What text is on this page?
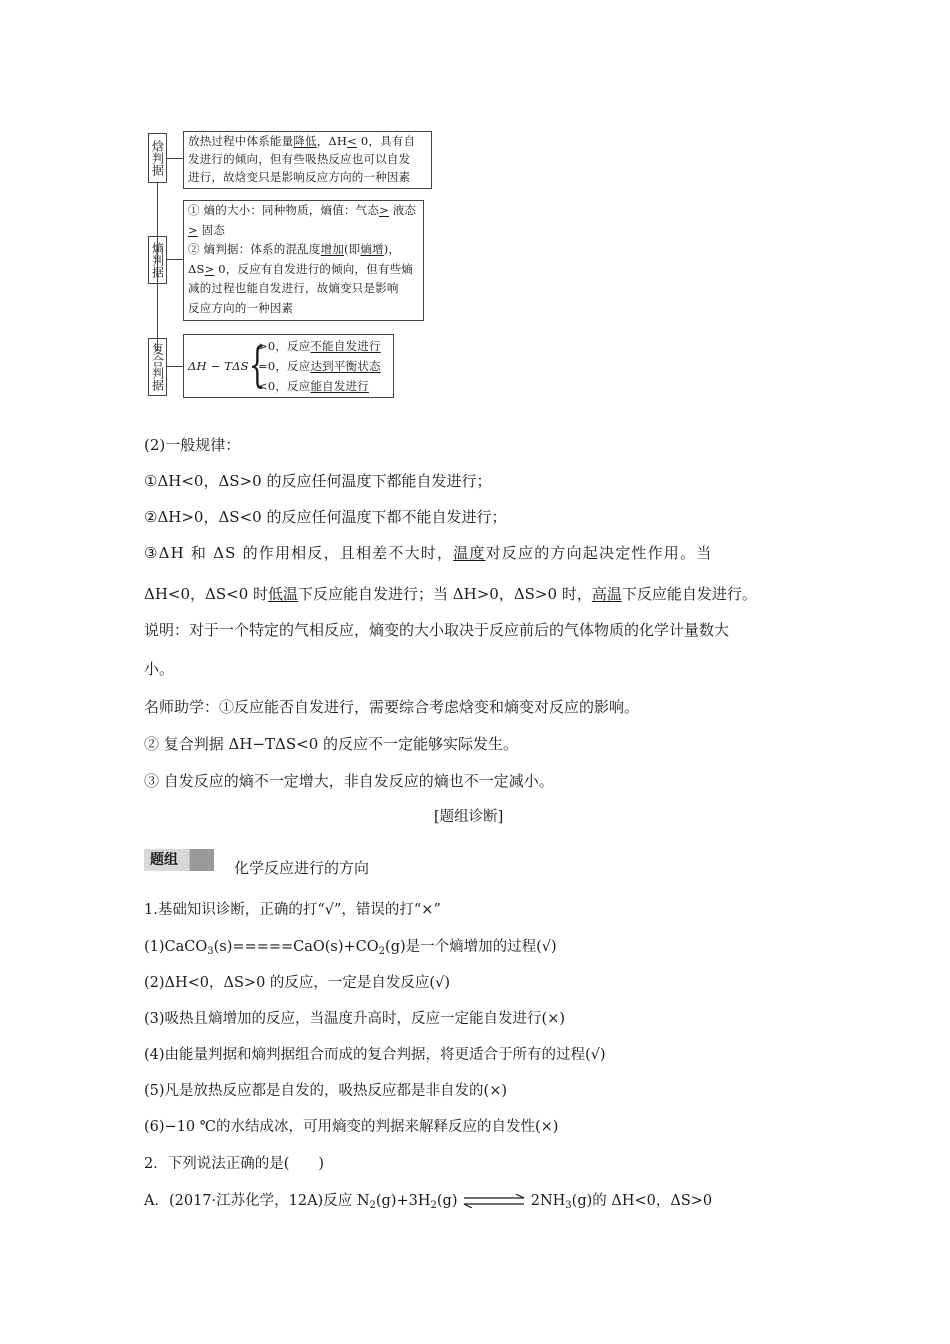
焓判据 放热过程中体系能量降低，ΔH< 0，具有自
发进行的倾向，但有些吸热反应也可以自发
进行，故焓变只是影响反应方向的一种因素
熵判据
① 熵的大小：同种物质，熵值：气态> 液态
> 固态
② 熵判据：体系的混乱度增加(即熵增)，
ΔS> 0，反应有自发进行的倾向，但有些熵
减的过程也能自发进行，故熵变只是影响
反应方向的一种因素
复合判据 ΔH − TΔS {
>0，反应不能自发进行
=0，反应达到平衡状态
<0，反应能自发进行
(2)一般规律：
①ΔH<0，ΔS>0 的反应任何温度下都能自发进行；
②ΔH>0，ΔS<0 的反应任何温度下都不能自发进行；
③ΔH 和 ΔS 的作用相反，且相差不大时，温度对反应的方向起决定性作用。当
ΔH<0，ΔS<0 时低温下反应能自发进行；当 ΔH>0，ΔS>0 时，高温下反应能自发进行。
说明：对于一个特定的气相反应，熵变的大小取决于反应前后的气体物质的化学计量数大
小。
名师助学：①反应能否自发进行，需要综合考虑焓变和熵变对反应的影响。
② 复合判据 ΔH−TΔS<0 的反应不一定能够实际发生。
③ 自发反应的熵不一定增大，非自发反应的熵也不一定减小。
[题组诊断]
题组	化学反应进行的方向
1.基础知识诊断，正确的打“√”，错误的打“×”
$(1)CaCO_3(s)=====CaO(s)+CO_2(g)$是一个熵增加的过程(√)
(2)ΔH<0，ΔS>0 的反应，一定是自发反应(√)
(3)吸热且熵增加的反应，当温度升高时，反应一定能自发进行(×)
(4)由能量判据和熵判据组合而成的复合判据，将更适合于所有的过程(√)
(5)凡是放热反应都是自发的，吸热反应都是非自发的(×)
(6)−10 ℃的水结成冰，可用熵变的判据来解释反应的自发性(×)
2．下列说法正确的是(　　)
A．(2017·江苏化学，12A)反应 $N_2(g)+3H_2(g)$	$2NH_3(g)$的 ΔH<0，ΔS>0
